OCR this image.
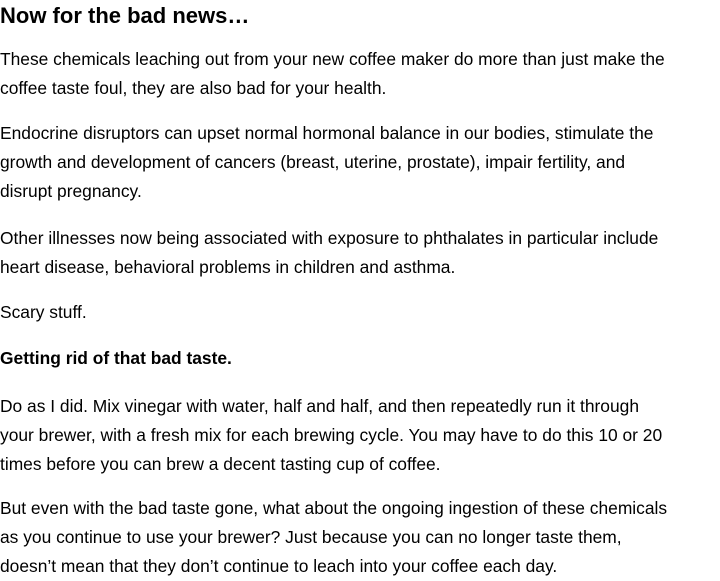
Now for the bad news…

These chemicals leaching out from your new coffee maker do more than just make the
coffee taste foul, they are also bad for your health.

Endocrine disruptors can upset normal hormonal balance in our bodies, stimulate the
growth and development of cancers (breast, uterine, prostate), impair fertility, and
disrupt pregnancy.

Other illnesses now being associated with exposure to phthalates in particular include
heart disease, behavioral problems in children and asthma.

Scary stuff.

Getting rid of that bad taste.

Do as I did. Mix vinegar with water, half and half, and then repeatedly run it through
your brewer, with a fresh mix for each brewing cycle. You may have to do this 10 or 20
times before you can brew a decent tasting cup of coffee.

But even with the bad taste gone, what about the ongoing ingestion of these chemicals
as you continue to use your brewer? Just because you can no longer taste them,
doesn’t mean that they don’t continue to leach into your coffee each day.
